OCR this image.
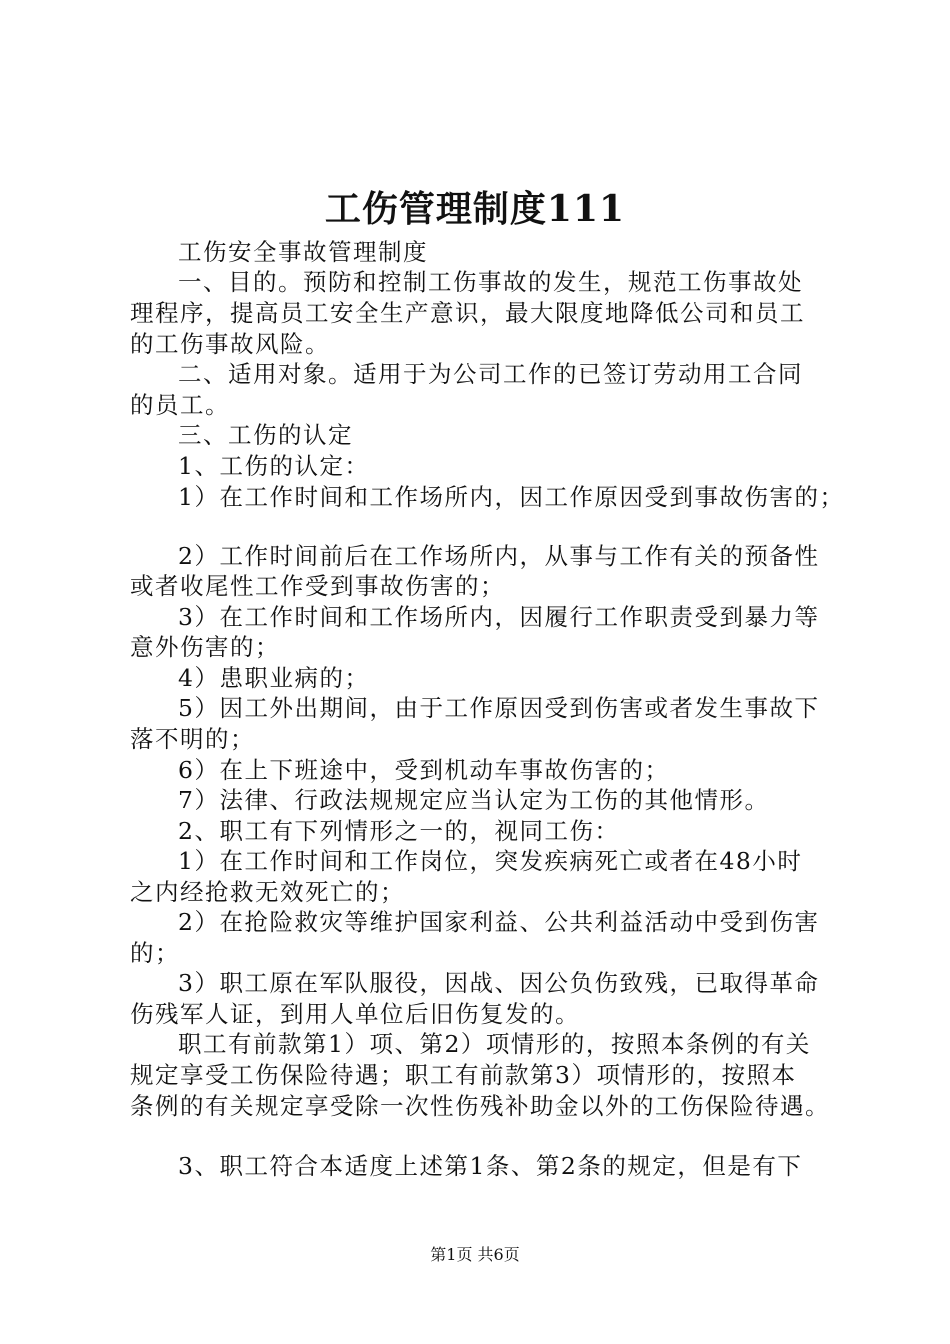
工伤管理制度111
工伤安全事故管理制度
一、目的。预防和控制工伤事故的发生，规范工伤事故处
理程序，提高员工安全生产意识，最大限度地降低公司和员工
的工伤事故风险。
二、适用对象。适用于为公司工作的已签订劳动用工合同
的员工。
三、工伤的认定
1、工伤的认定：
1）在工作时间和工作场所内，因工作原因受到事故伤害的；
2）工作时间前后在工作场所内，从事与工作有关的预备性
或者收尾性工作受到事故伤害的；
3）在工作时间和工作场所内，因履行工作职责受到暴力等
意外伤害的；
4）患职业病的；
5）因工外出期间，由于工作原因受到伤害或者发生事故下
落不明的；
6）在上下班途中，受到机动车事故伤害的；
7）法律、行政法规规定应当认定为工伤的其他情形。
2、职工有下列情形之一的，视同工伤：
1）在工作时间和工作岗位，突发疾病死亡或者在48小时
之内经抢救无效死亡的；
2）在抢险救灾等维护国家利益、公共利益活动中受到伤害
的；
3）职工原在军队服役，因战、因公负伤致残，已取得革命
伤残军人证，到用人单位后旧伤复发的。
职工有前款第1）项、第2）项情形的，按照本条例的有关
规定享受工伤保险待遇；职工有前款第3）项情形的，按照本
条例的有关规定享受除一次性伤残补助金以外的工伤保险待遇。
3、职工符合本适度上述第1条、第2条的规定，但是有下
第1页 共6页
